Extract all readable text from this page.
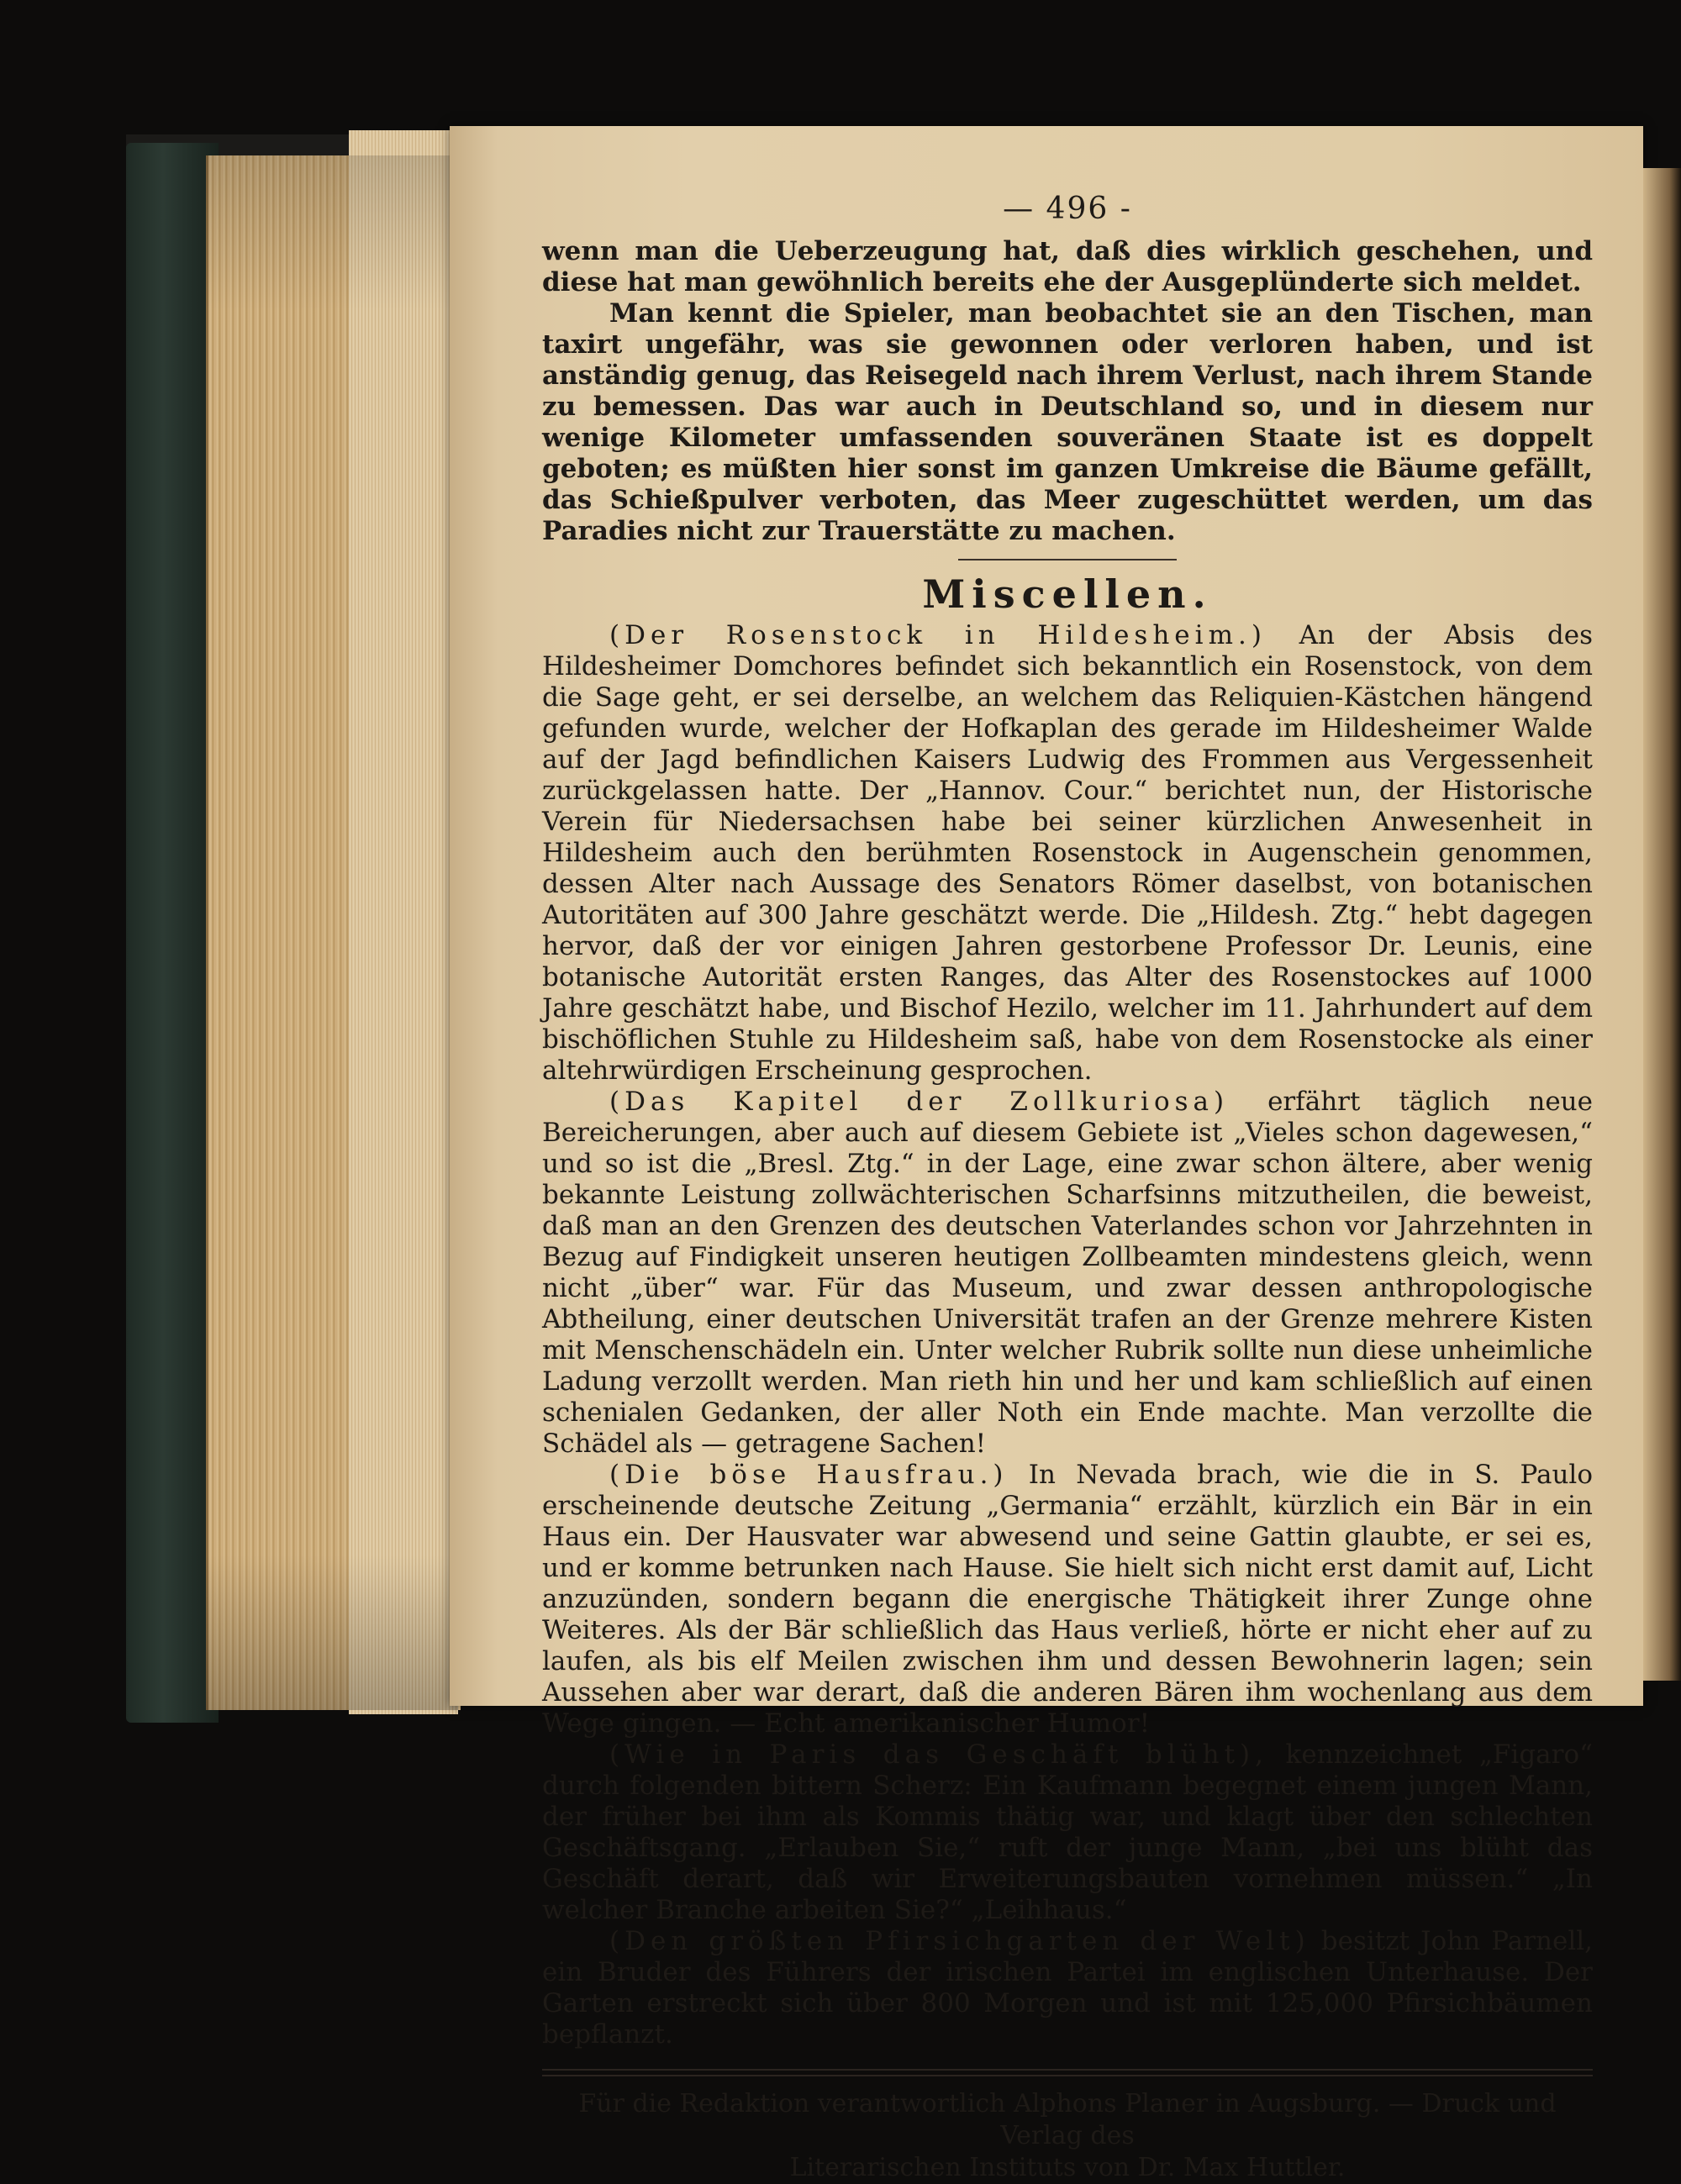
— 496 -

wenn man die Ueberzeugung hat, daß dies wirklich geschehen, und diese hat man gewöhnlich bereits ehe der Ausgeplünderte sich meldet.

Man kennt die Spieler, man beobachtet sie an den Tischen, man taxirt ungefähr, was sie gewonnen oder verloren haben, und ist anständig genug, das Reisegeld nach ihrem Verlust, nach ihrem Stande zu bemessen. Das war auch in Deutschland so, und in diesem nur wenige Kilometer umfassenden souveränen Staate ist es doppelt geboten; es müßten hier sonst im ganzen Umkreise die Bäume gefällt, das Schießpulver verboten, das Meer zugeschüttet werden, um das Paradies nicht zur Trauerstätte zu machen.

Miscellen.

(Der Rosenstock in Hildesheim.) An der Absis des Hildesheimer Domchores befindet sich bekanntlich ein Rosenstock, von dem die Sage geht, er sei derselbe, an welchem das Reliquien-Kästchen hängend gefunden wurde, welcher der Hofkaplan des gerade im Hildesheimer Walde auf der Jagd befindlichen Kaisers Ludwig des Frommen aus Vergessenheit zurückgelassen hatte. Der „Hannov. Cour.“ berichtet nun, der Historische Verein für Niedersachsen habe bei seiner kürzlichen Anwesenheit in Hildesheim auch den berühmten Rosenstock in Augenschein genommen, dessen Alter nach Aussage des Senators Römer daselbst, von botanischen Autoritäten auf 300 Jahre geschätzt werde. Die „Hildesh. Ztg.“ hebt dagegen hervor, daß der vor einigen Jahren gestorbene Professor Dr. Leunis, eine botanische Autorität ersten Ranges, das Alter des Rosenstockes auf 1000 Jahre geschätzt habe, und Bischof Hezilo, welcher im 11. Jahrhundert auf dem bischöflichen Stuhle zu Hildesheim saß, habe von dem Rosenstocke als einer altehrwürdigen Erscheinung gesprochen.

(Das Kapitel der Zollkuriosa) erfährt täglich neue Bereicherungen, aber auch auf diesem Gebiete ist „Vieles schon dagewesen,“ und so ist die „Bresl. Ztg.“ in der Lage, eine zwar schon ältere, aber wenig bekannte Leistung zollwächterischen Scharfsinns mitzutheilen, die beweist, daß man an den Grenzen des deutschen Vaterlandes schon vor Jahrzehnten in Bezug auf Findigkeit unseren heutigen Zollbeamten mindestens gleich, wenn nicht „über“ war. Für das Museum, und zwar dessen anthropologische Abtheilung, einer deutschen Universität trafen an der Grenze mehrere Kisten mit Menschenschädeln ein. Unter welcher Rubrik sollte nun diese unheimliche Ladung verzollt werden. Man rieth hin und her und kam schließlich auf einen schenialen Gedanken, der aller Noth ein Ende machte. Man verzollte die Schädel als — getragene Sachen!

(Die böse Hausfrau.) In Nevada brach, wie die in S. Paulo erscheinende deutsche Zeitung „Germania“ erzählt, kürzlich ein Bär in ein Haus ein. Der Hausvater war abwesend und seine Gattin glaubte, er sei es, und er komme betrunken nach Hause. Sie hielt sich nicht erst damit auf, Licht anzuzünden, sondern begann die energische Thätigkeit ihrer Zunge ohne Weiteres. Als der Bär schließlich das Haus verließ, hörte er nicht eher auf zu laufen, als bis elf Meilen zwischen ihm und dessen Bewohnerin lagen; sein Aussehen aber war derart, daß die anderen Bären ihm wochenlang aus dem Wege gingen. — Echt amerikanischer Humor!

(Wie in Paris das Geschäft blüht), kennzeichnet „Figaro“ durch folgenden bittern Scherz: Ein Kaufmann begegnet einem jungen Mann, der früher bei ihm als Kommis thätig war, und klagt über den schlechten Geschäftsgang. „Erlauben Sie,“ ruft der junge Mann, „bei uns blüht das Geschäft derart, daß wir Erweiterungsbauten vornehmen müssen.“ „In welcher Branche arbeiten Sie?“ „Leihhaus.“

(Den größten Pfirsichgarten der Welt) besitzt John Parnell, ein Bruder des Führers der irischen Partei im englischen Unterhause. Der Garten erstreckt sich über 800 Morgen und ist mit 125,000 Pfirsichbäumen bepflanzt.

Für die Redaktion verantwortlich Alphons Planer in Augsburg. — Druck und Verlag des
Literarischen Instituts von Dr. Max Huttler.
